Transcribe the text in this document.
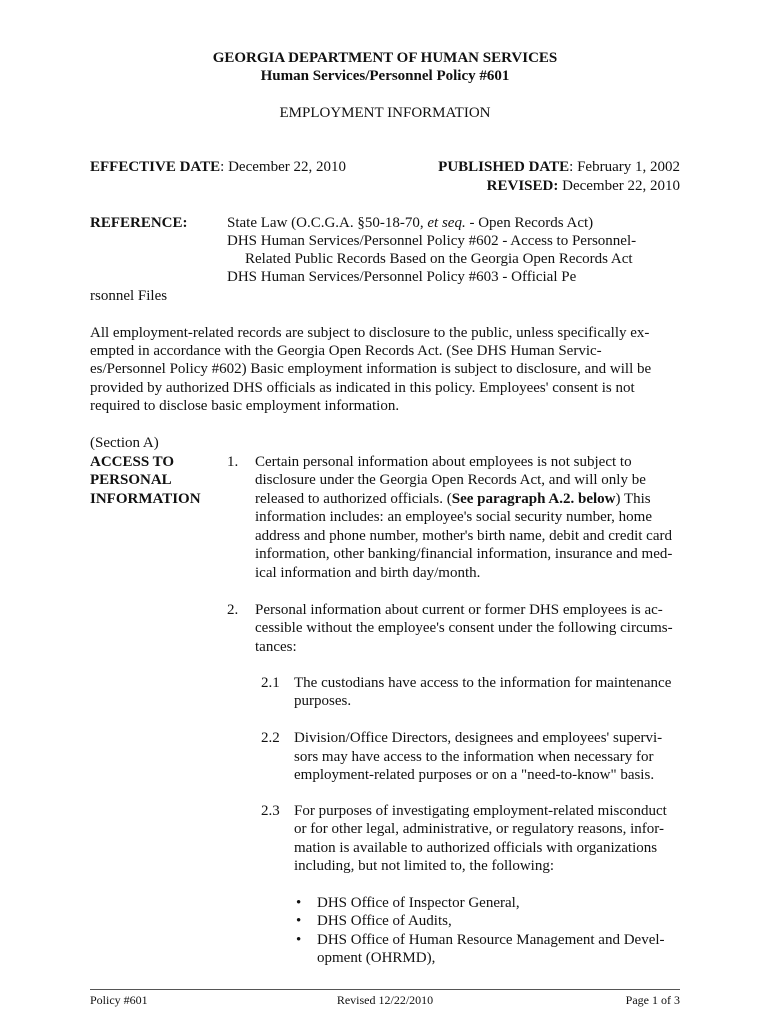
GEORGIA DEPARTMENT OF HUMAN SERVICES
Human Services/Personnel Policy #601
EMPLOYMENT INFORMATION
EFFECTIVE DATE: December 22, 2010	PUBLISHED DATE: February 1, 2002
REVISED: December 22, 2010
REFERENCE:	State Law (O.C.G.A. §50-18-70, et seq. - Open Records Act)
DHS Human Services/Personnel Policy #602 - Access to Personnel-
Related Public Records Based on the Georgia Open Records Act
DHS Human Services/Personnel Policy #603 - Official Pe
rsonnel Files
All employment-related records are subject to disclosure to the public, unless specifically ex-
empted in accordance with the Georgia Open Records Act. (See DHS Human Servic-
es/Personnel Policy #602) Basic employment information is subject to disclosure, and will be
provided by authorized DHS officials as indicated in this policy. Employees' consent is not
required to disclose basic employment information.
(Section A)
ACCESS TO
PERSONAL
INFORMATION
1. Certain personal information about employees is not subject to
disclosure under the Georgia Open Records Act, and will only be
released to authorized officials. (See paragraph A.2. below) This
information includes: an employee's social security number, home
address and phone number, mother's birth name, debit and credit card
information, other banking/financial information, insurance and med-
ical information and birth day/month.
2. Personal information about current or former DHS employees is ac-
cessible without the employee's consent under the following circums-
tances:
2.1 The custodians have access to the information for maintenance
purposes.
2.2 Division/Office Directors, designees and employees' supervi-
sors may have access to the information when necessary for
employment-related purposes or on a "need-to-know" basis.
2.3 For purposes of investigating employment-related misconduct
or for other legal, administrative, or regulatory reasons, infor-
mation is available to authorized officials with organizations
including, but not limited to, the following:
• DHS Office of Inspector General,
• DHS Office of Audits,
• DHS Office of Human Resource Management and Devel-
opment (OHRMD),
Policy #601	Revised 12/22/2010	Page 1 of 3
